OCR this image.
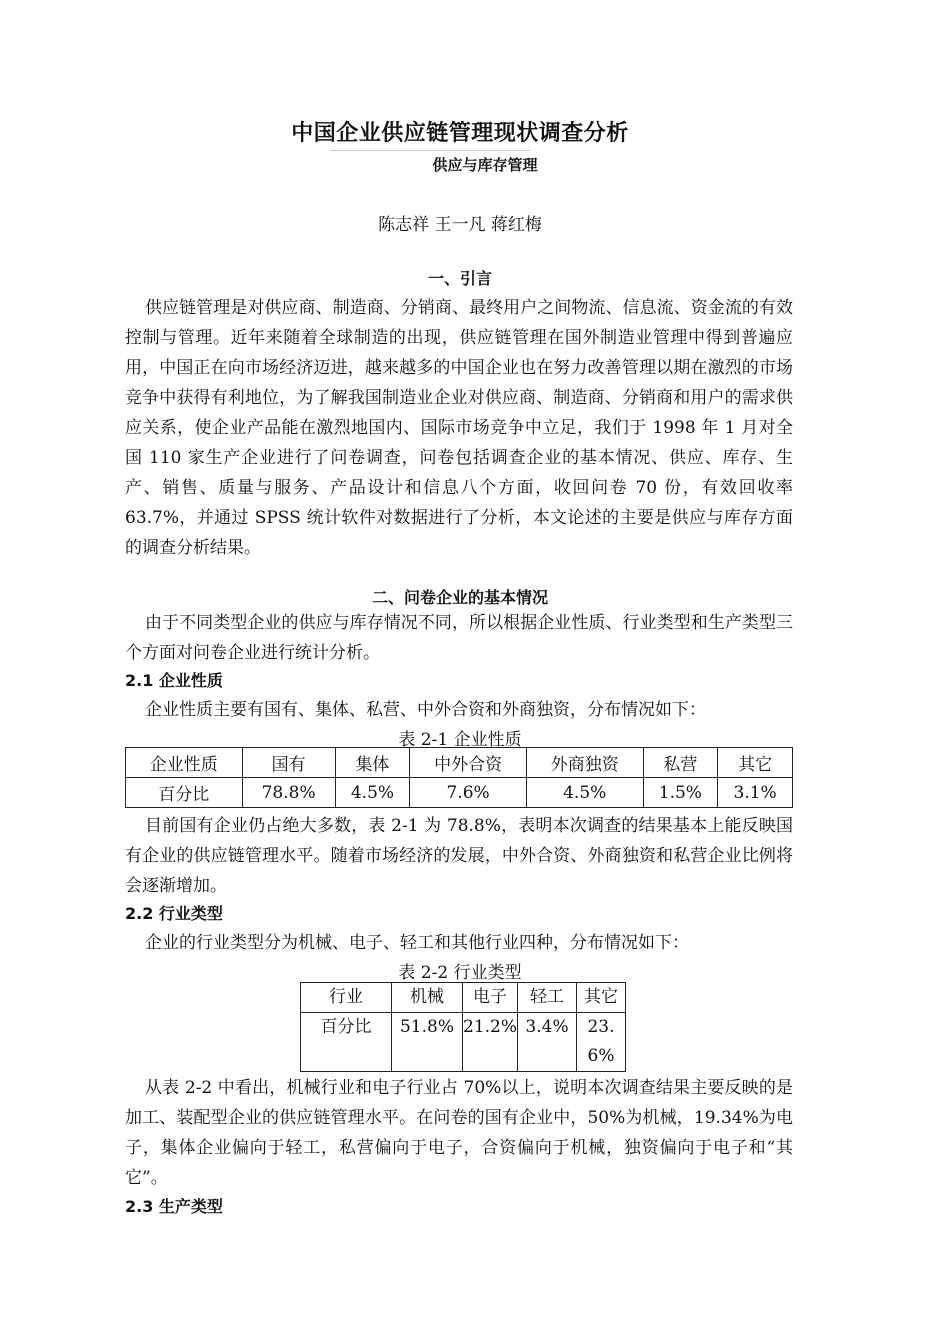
中国企业供应链管理现状调查分析
供应与库存管理
陈志祥 王一凡 蒋红梅
一、引言
供应链管理是对供应商、制造商、分销商、最终用户之间物流、信息流、资金流的有效控制与管理。近年来随着全球制造的出现，供应链管理在国外制造业管理中得到普遍应用，中国正在向市场经济迈进，越来越多的中国企业也在努力改善管理以期在激烈的市场竞争中获得有利地位，为了解我国制造业企业对供应商、制造商、分销商和用户的需求供应关系，使企业产品能在激烈地国内、国际市场竞争中立足，我们于 1998 年 1 月对全国 110 家生产企业进行了问卷调查，问卷包括调查企业的基本情况、供应、库存、生产、销售、质量与服务、产品设计和信息八个方面，收回问卷 70 份，有效回收率 63.7%，并通过 SPSS 统计软件对数据进行了分析，本文论述的主要是供应与库存方面的调查分析结果。
二、问卷企业的基本情况
由于不同类型企业的供应与库存情况不同，所以根据企业性质、行业类型和生产类型三个方面对问卷企业进行统计分析。
2.1 企业性质
企业性质主要有国有、集体、私营、中外合资和外商独资，分布情况如下：
表 2-1 企业性质
企业性质	国有	集体	中外合资	外商独资	私营	其它
百分比	78.8%	4.5%	7.6%	4.5%	1.5%	3.1%
目前国有企业仍占绝大多数，表 2-1 为 78.8%，表明本次调查的结果基本上能反映国有企业的供应链管理水平。随着市场经济的发展，中外合资、外商独资和私营企业比例将会逐渐增加。
2.2 行业类型
企业的行业类型分为机械、电子、轻工和其他行业四种，分布情况如下：
表 2-2 行业类型
行业	机械	电子	轻工	其它
百分比	51.8%	21.2%	3.4%	23.6%
从表 2-2 中看出，机械行业和电子行业占 70%以上，说明本次调查结果主要反映的是加工、装配型企业的供应链管理水平。在问卷的国有企业中，50%为机械，19.34%为电子，集体企业偏向于轻工，私营偏向于电子，合资偏向于机械，独资偏向于电子和“其它”。
2.3 生产类型
